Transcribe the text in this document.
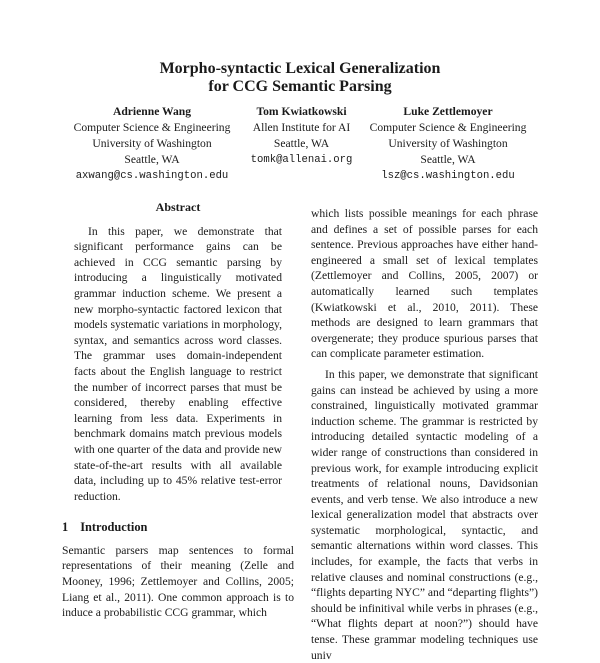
Morpho-syntactic Lexical Generalization
for CCG Semantic Parsing
Adrienne Wang
Computer Science & Engineering
University of Washington
Seattle, WA
axwang@cs.washington.edu
Tom Kwiatkowski
Allen Institute for AI
Seattle, WA
tomk@allenai.org
Luke Zettlemoyer
Computer Science & Engineering
University of Washington
Seattle, WA
lsz@cs.washington.edu
Abstract

In this paper, we demonstrate that significant performance gains can be achieved in CCG semantic parsing by introducing a linguistically motivated grammar induction scheme. We present a new morpho-syntactic factored lexicon that models systematic variations in morphology, syntax, and semantics across word classes. The grammar uses domain-independent facts about the English language to restrict the number of incorrect parses that must be considered, thereby enabling effective learning from less data. Experiments in benchmark domains match previous models with one quarter of the data and provide new state-of-the-art results with all available data, including up to 45% relative test-error reduction.

1 Introduction

Semantic parsers map sentences to formal representations of their meaning (Zelle and Mooney, 1996; Zettlemoyer and Collins, 2005; Liang et al., 2011). One common approach is to induce a probabilistic CCG grammar, which

which lists possible meanings for each phrase and defines a set of possible parses for each sentence. Previous approaches have either hand-engineered a small set of lexical templates (Zettlemoyer and Collins, 2005, 2007) or automatically learned such templates (Kwiatkowski et al., 2010, 2011). These methods are designed to learn grammars that overgenerate; they produce spurious parses that can complicate parameter estimation.

In this paper, we demonstrate that significant gains can instead be achieved by using a more constrained, linguistically motivated grammar induction scheme. The grammar is restricted by introducing detailed syntactic modeling of a wider range of constructions than considered in previous work, for example introducing explicit treatments of relational nouns, Davidsonian events, and verb tense. We also introduce a new lexical generalization model that abstracts over systematic morphological, syntactic, and semantic alternations within word classes. This includes, for example, the facts that verbs in relative clauses and nominal constructions (e.g., “flights departing NYC” and “departing flights”) should be infinitival while verbs in phrases (e.g., “What flights depart at noon?”) should have tense. These grammar modeling techniques use univ
